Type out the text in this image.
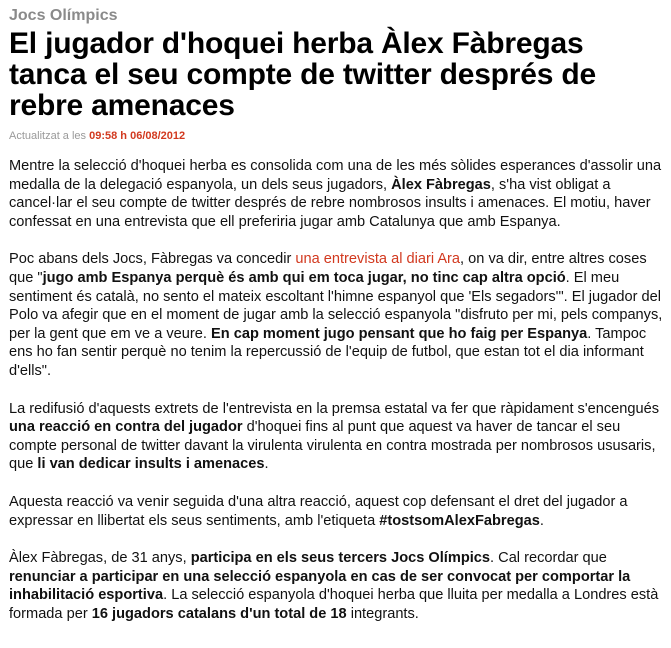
Jocs Olímpics
El jugador d'hoquei herba Àlex Fàbregas tanca el seu compte de twitter després de rebre amenaces
Actualitzat a les 09:58 h 06/08/2012

Mentre la selecció d'hoquei herba es consolida com una de les més sòlides esperances d'assolir una medalla de la delegació espanyola, un dels seus jugadors, Àlex Fàbregas, s'ha vist obligat a cancel·lar el seu compte de twitter després de rebre nombrosos insults i amenaces. El motiu, haver confessat en una entrevista que ell preferiria jugar amb Catalunya que amb Espanya.

Poc abans dels Jocs, Fàbregas va concedir una entrevista al diari Ara, on va dir, entre altres coses que "jugo amb Espanya perquè és amb qui em toca jugar, no tinc cap altra opció. El meu sentiment és català, no sento el mateix escoltant l'himne espanyol que 'Els segadors'". El jugador del Polo va afegir que en el moment de jugar amb la selecció espanyola "disfruto per mi, pels companys, per la gent que em ve a veure. En cap moment jugo pensant que ho faig per Espanya. Tampoc ens ho fan sentir perquè no tenim la repercussió de l'equip de futbol, que estan tot el dia informant d'ells".

La redifusió d'aquests extrets de l'entrevista en la premsa estatal va fer que ràpidament s'encengués una reacció en contra del jugador d'hoquei fins al punt que aquest va haver de tancar el seu compte personal de twitter davant la virulenta virulenta en contra mostrada per nombrosos ususaris, que li van dedicar insults i amenaces.

Aquesta reacció va venir seguida d'una altra reacció, aquest cop defensant el dret del jugador a expressar en llibertat els seus sentiments, amb l'etiqueta #tostsomAlexFabregas.

Àlex Fàbregas, de 31 anys, participa en els seus tercers Jocs Olímpics. Cal recordar que renunciar a participar en una selecció espanyola en cas de ser convocat per comportar la inhabilitació esportiva. La selecció espanyola d'hoquei herba que lluita per medalla a Londres està formada per 16 jugadors catalans d'un total de 18 integrants.
